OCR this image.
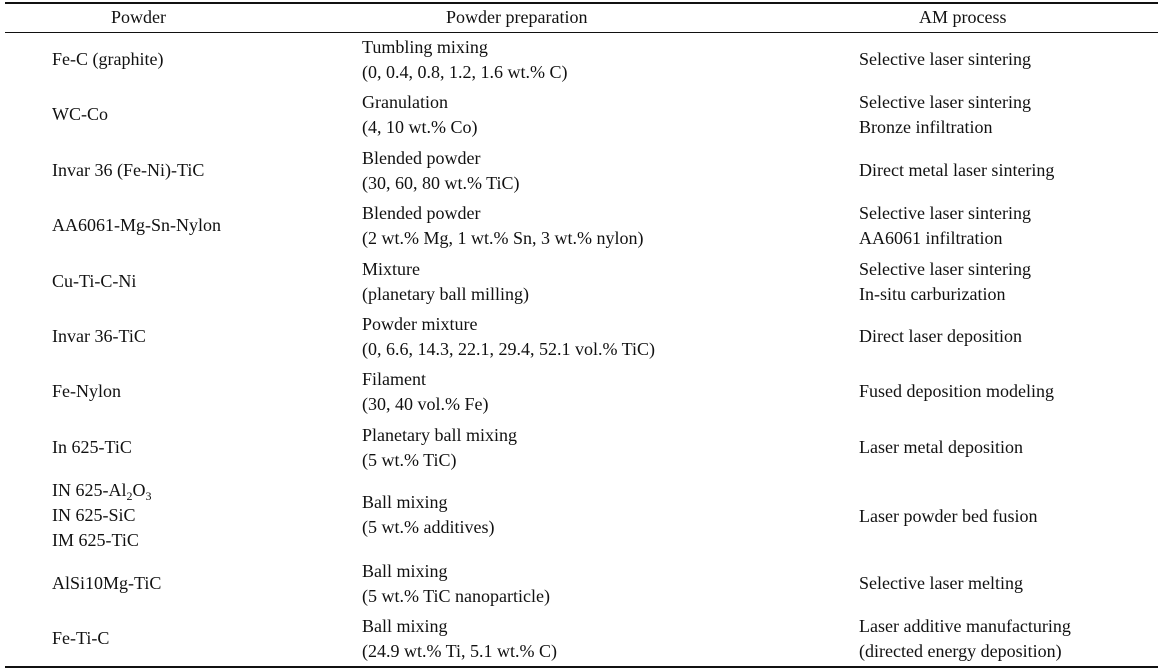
Powder	Powder preparation	AM process
Fe-C (graphite)
Tumbling mixing
(0, 0.4, 0.8, 1.2, 1.6 wt.% C)
Selective laser sintering
WC-Co
Granulation
(4, 10 wt.% Co)
Selective laser sintering
Bronze infiltration
Invar 36 (Fe-Ni)-TiC
Blended powder
(30, 60, 80 wt.% TiC)
Direct metal laser sintering
AA6061-Mg-Sn-Nylon
Blended powder
(2 wt.% Mg, 1 wt.% Sn, 3 wt.% nylon)
Selective laser sintering
AA6061 infiltration
Cu-Ti-C-Ni
Mixture
(planetary ball milling)
Selective laser sintering
In-situ carburization
Invar 36-TiC
Powder mixture
(0, 6.6, 14.3, 22.1, 29.4, 52.1 vol.% TiC)
Direct laser deposition
Fe-Nylon
Filament
(30, 40 vol.% Fe)
Fused deposition modeling
In 625-TiC
Planetary ball mixing
(5 wt.% TiC)
Laser metal deposition
IN $625-Al_2O_3$
IN 625-SiC
IM 625-TiC
Ball mixing
(5 wt.% additives)
Laser powder bed fusion
AlSi10Mg-TiC
Ball mixing
(5 wt.% TiC nanoparticle)
Selective laser melting
Fe-Ti-C
Ball mixing
(24.9 wt.% Ti, 5.1 wt.% C)
Laser additive manufacturing
(directed energy deposition)
